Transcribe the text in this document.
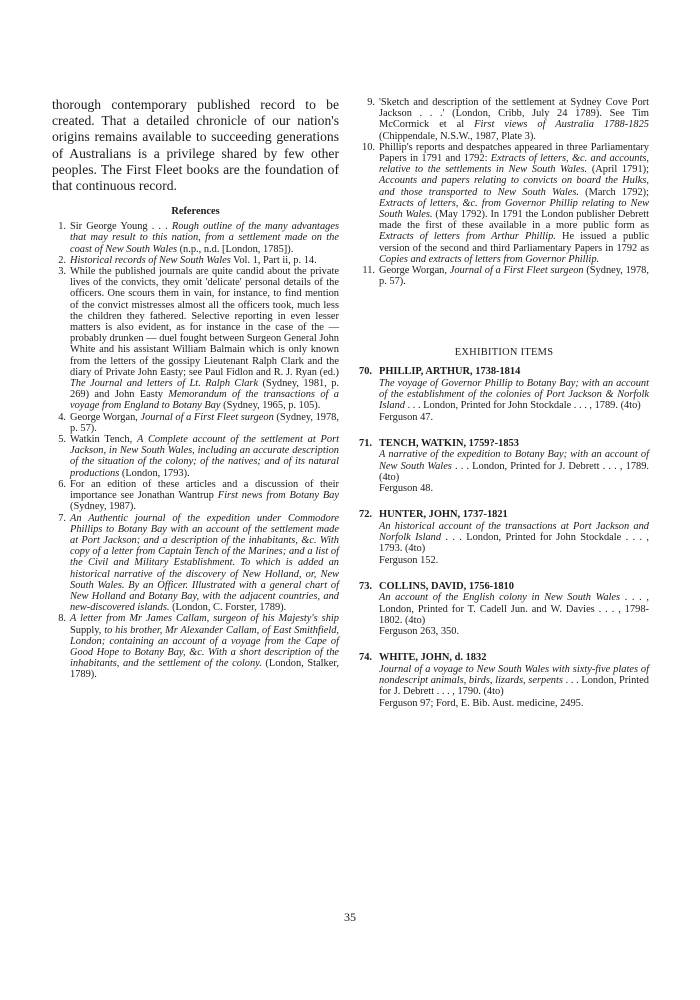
thorough contemporary published record to be created. That a detailed chronicle of our nation's origins remains available to succeeding generations of Australians is a privilege shared by few other peoples. The First Fleet books are the foundation of that continuous record.

References
1. Sir George Young . . . Rough outline of the many advantages that may result to this nation, from a settlement made on the coast of New South Wales (n.p., n.d. [London, 1785]).
2. Historical records of New South Wales Vol. 1, Part ii, p. 14.
3. While the published journals are quite candid about the private lives of the convicts, they omit 'delicate' personal details of the officers. One scours them in vain, for instance, to find mention of the convict mistresses almost all the officers took, much less the children they fathered. Selective reporting in even lesser matters is also evident, as for instance in the case of the — probably drunken — duel fought between Surgeon General John White and his assistant William Balmain which is only known from the letters of the gossipy Lieutenant Ralph Clark and the diary of Private John Easty; see Paul Fidlon and R. J. Ryan (ed.) The Journal and letters of Lt. Ralph Clark (Sydney, 1981, p. 269) and John Easty Memorandum of the transactions of a voyage from England to Botany Bay (Sydney, 1965, p. 105).
4. George Worgan, Journal of a First Fleet surgeon (Sydney, 1978, p. 57).
5. Watkin Tench, A Complete account of the settlement at Port Jackson, in New South Wales, including an accurate description of the situation of the colony; of the natives; and of its natural productions (London, 1793).
6. For an edition of these articles and a discussion of their importance see Jonathan Wantrup First news from Botany Bay (Sydney, 1987).
7. An Authentic journal of the expedition under Commodore Phillips to Botany Bay with an account of the settlement made at Port Jackson; and a description of the inhabitants, &c. With copy of a letter from Captain Tench of the Marines; and a list of the Civil and Military Establishment. To which is added an historical narrative of the discovery of New Holland, or, New South Wales. By an Officer. Illustrated with a general chart of New Holland and Botany Bay, with the adjacent countries, and new-discovered islands. (London, C. Forster, 1789).
8. A letter from Mr James Callam, surgeon of his Majesty's ship Supply, to his brother, Mr Alexander Callam, of East Smithfield, London; containing an account of a voyage from the Cape of Good Hope to Botany Bay, &c. With a short description of the inhabitants, and the settlement of the colony. (London, Stalker, 1789).
9. 'Sketch and description of the settlement at Sydney Cove Port Jackson . . .' (London, Cribb, July 24 1789). See Tim McCormick et al First views of Australia 1788-1825 (Chippendale, N.S.W., 1987, Plate 3).
10. Phillip's reports and despatches appeared in three Parliamentary Papers in 1791 and 1792: Extracts of letters, &c. and accounts, relative to the settlements in New South Wales. (April 1791); Accounts and papers relating to convicts on board the Hulks, and those transported to New South Wales. (March 1792); Extracts of letters, &c. from Governor Phillip relating to New South Wales. (May 1792). In 1791 the London publisher Debrett made the first of these available in a more public form as Extracts of letters from Arthur Phillip. He issued a public version of the second and third Parliamentary Papers in 1792 as Copies and extracts of letters from Governor Phillip.
11. George Worgan, Journal of a First Fleet surgeon (Sydney, 1978, p. 57).
EXHIBITION ITEMS
70. PHILLIP, ARTHUR, 1738-1814
The voyage of Governor Phillip to Botany Bay; with an account of the establishment of the colonies of Port Jackson & Norfolk Island . . . London, Printed for John Stockdale . . . , 1789. (4to)
Ferguson 47.
71. TENCH, WATKIN, 1759?-1853
A narrative of the expedition to Botany Bay; with an account of New South Wales . . . London, Printed for J. Debrett . . . , 1789. (4to)
Ferguson 48.
72. HUNTER, JOHN, 1737-1821
An historical account of the transactions at Port Jackson and Norfolk Island . . . London, Printed for John Stockdale . . . , 1793. (4to)
Ferguson 152.
73. COLLINS, DAVID, 1756-1810
An account of the English colony in New South Wales . . . , London, Printed for T. Cadell Jun. and W. Davies . . . , 1798-1802. (4to)
Ferguson 263, 350.
74. WHITE, JOHN, d. 1832
Journal of a voyage to New South Wales with sixty-five plates of nondescript animals, birds, lizards, serpents . . . London, Printed for J. Debrett . . . , 1790. (4to)
Ferguson 97; Ford, E. Bib. Aust. medicine, 2495.
35
